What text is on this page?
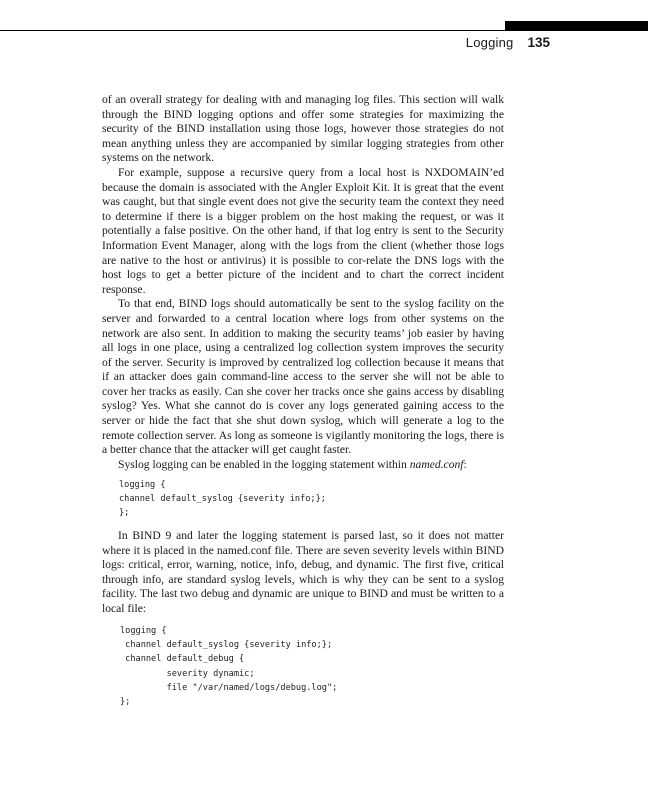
Logging 135

of an overall strategy for dealing with and managing log files. This section will walk through the BIND logging options and offer some strategies for maximizing the security of the BIND installation using those logs, however those strategies do not mean anything unless they are accompanied by similar logging strategies from other systems on the network.

For example, suppose a recursive query from a local host is NXDOMAIN’ed because the domain is associated with the Angler Exploit Kit. It is great that the event was caught, but that single event does not give the security team the context they need to determine if there is a bigger problem on the host making the request, or was it potentially a false positive. On the other hand, if that log entry is sent to the Security Information Event Manager, along with the logs from the client (whether those logs are native to the host or antivirus) it is possible to cor-relate the DNS logs with the host logs to get a better picture of the incident and to chart the correct incident response.

To that end, BIND logs should automatically be sent to the syslog facility on the server and forwarded to a central location where logs from other systems on the network are also sent. In addition to making the security teams’ job easier by having all logs in one place, using a centralized log collection system improves the security of the server. Security is improved by centralized log collection because it means that if an attacker does gain command-line access to the server she will not be able to cover her tracks as easily. Can she cover her tracks once she gains access by disabling syslog? Yes. What she cannot do is cover any logs generated gaining access to the server or hide the fact that she shut down syslog, which will generate a log to the remote collection server. As long as someone is vigilantly monitoring the logs, there is a better chance that the attacker will get caught faster.

Syslog logging can be enabled in the logging statement within named.conf:

logging {
channel default_syslog {severity info;};
};

In BIND 9 and later the logging statement is parsed last, so it does not matter where it is placed in the named.conf file. There are seven severity levels within BIND logs: critical, error, warning, notice, info, debug, and dynamic. The first five, critical through info, are standard syslog levels, which is why they can be sent to a syslog facility. The last two debug and dynamic are unique to BIND and must be written to a local file:

logging {
channel default_syslog {severity info;};
channel default_debug {
severity dynamic;
file "/var/named/logs/debug.log";
};
